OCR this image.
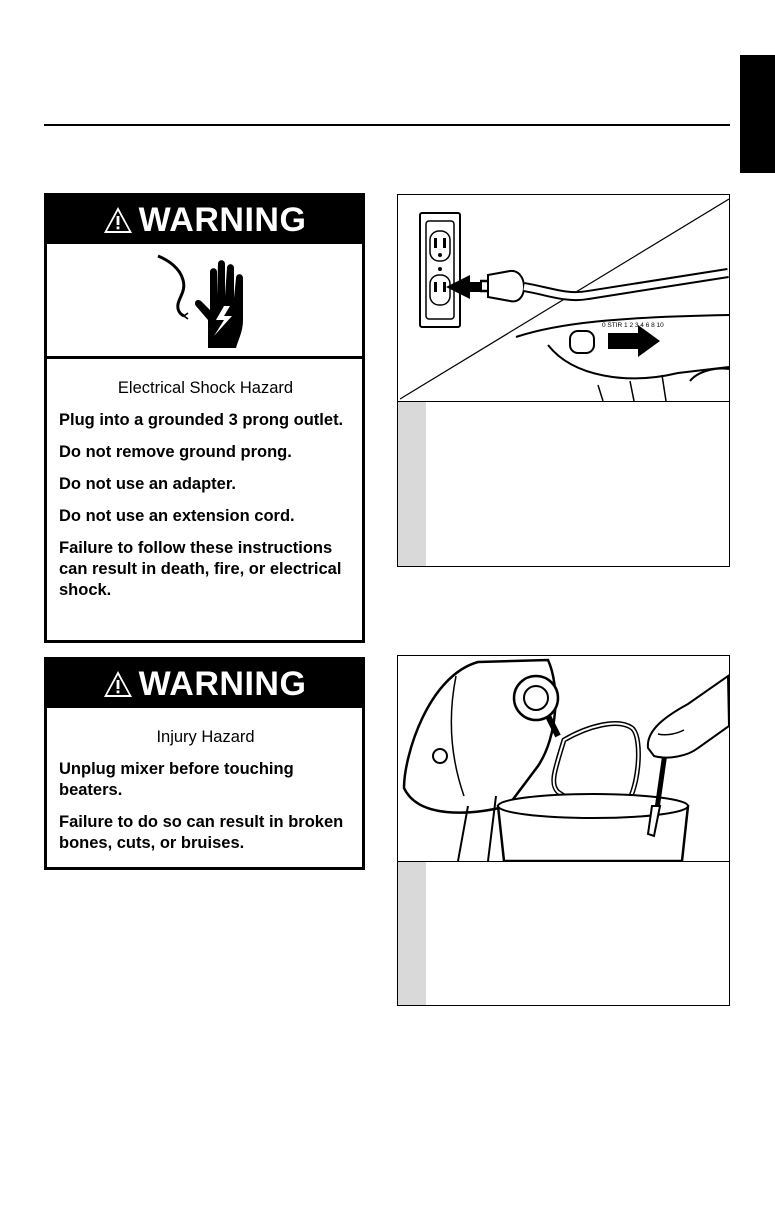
WARNING
Electrical Shock Hazard

Plug into a grounded 3 prong outlet.

Do not remove ground prong.

Do not use an adapter.

Do not use an extension cord.

Failure to follow these instructions can result in death, fire, or electrical shock.

WARNING
Injury Hazard

Unplug mixer before touching beaters.

Failure to do so can result in broken bones, cuts, or bruises.

0 STIR 1 2 3 4 6 8 10
